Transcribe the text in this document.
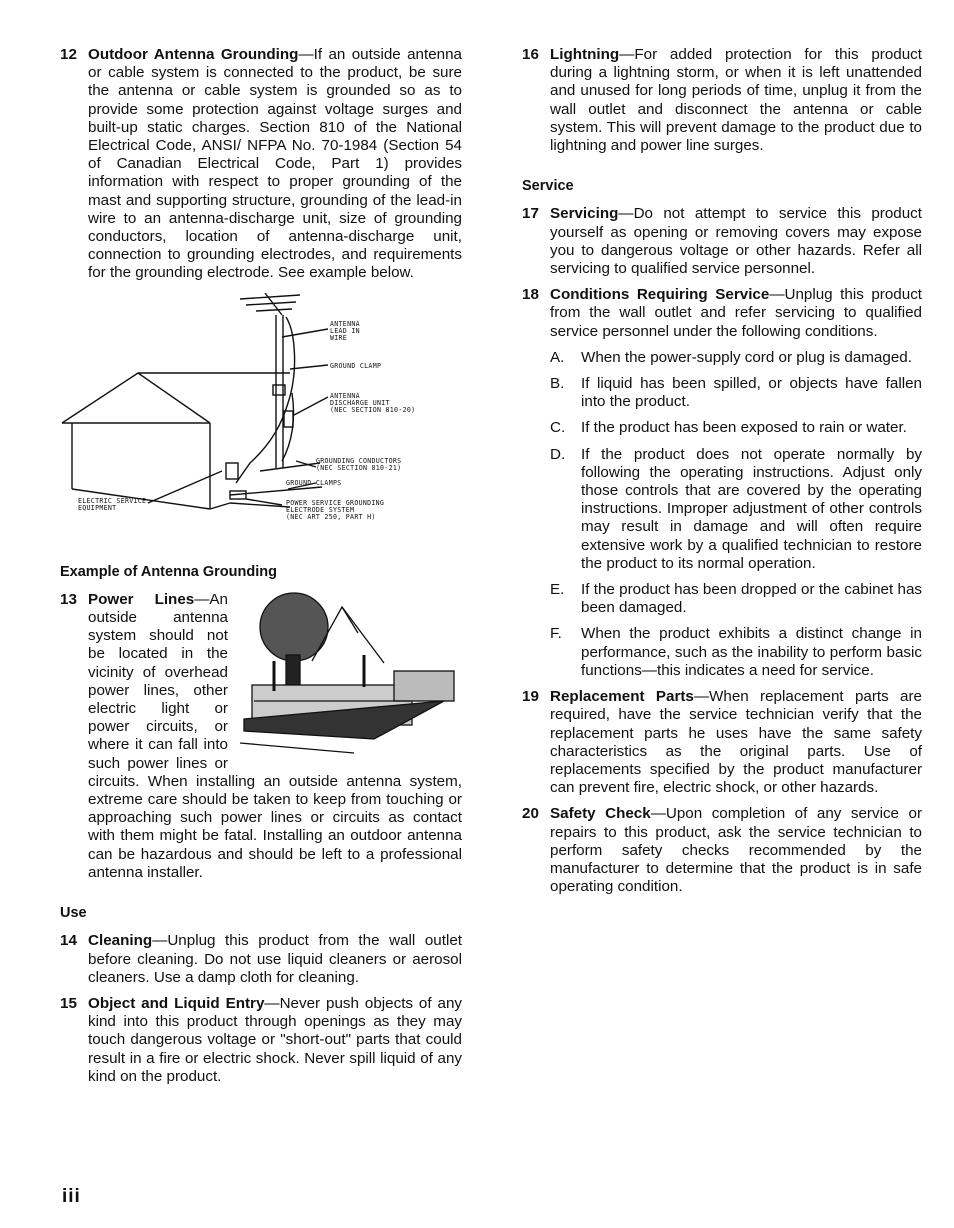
12 Outdoor Antenna Grounding—If an outside antenna or cable system is connected to the product, be sure the antenna or cable system is grounded so as to provide some protection against voltage surges and built-up static charges. Section 810 of the National Electrical Code, ANSI/ NFPA No. 70-1984 (Section 54 of Canadian Electrical Code, Part 1) provides information with respect to proper grounding of the mast and supporting structure, grounding of the lead-in wire to an antenna-discharge unit, size of grounding conductors, location of antenna-discharge unit, connection to grounding electrodes, and requirements for the grounding electrode. See example below.
ANTENNA
LEAD IN
WIRE
GROUND CLAMP
ANTENNA
DISCHARGE UNIT
(NEC SECTION 810-20)
GROUNDING CONDUCTORS
(NEC SECTION 810-21)
GROUND CLAMPS
ELECTRIC SERVICE
EQUIPMENT
POWER SERVICE GROUNDING
ELECTRODE SYSTEM
(NEC ART 250, PART H)
Example of Antenna Grounding
13 Power Lines—An outside antenna system should not be located in the vicinity of overhead power lines, other electric light or power circuits, or where it can fall into such power lines or circuits. When installing an outside antenna system, extreme care should be taken to keep from touching or approaching such power lines or circuits as contact with them might be fatal. Installing an outdoor antenna can be hazardous and should be left to a professional antenna installer.
Use
14 Cleaning—Unplug this product from the wall outlet before cleaning. Do not use liquid cleaners or aerosol cleaners. Use a damp cloth for cleaning.
15 Object and Liquid Entry—Never push objects of any kind into this product through openings as they may touch dangerous voltage or "short-out" parts that could result in a fire or electric shock. Never spill liquid of any kind on the product.
16 Lightning—For added protection for this product during a lightning storm, or when it is left unattended and unused for long periods of time, unplug it from the wall outlet and disconnect the antenna or cable system. This will prevent damage to the product due to lightning and power line surges.
Service
17 Servicing—Do not attempt to service this product yourself as opening or removing covers may expose you to dangerous voltage or other hazards. Refer all servicing to qualified service personnel.
18 Conditions Requiring Service—Unplug this product from the wall outlet and refer servicing to qualified service personnel under the following conditions.
A. When the power-supply cord or plug is damaged.
B. If liquid has been spilled, or objects have fallen into the product.
C. If the product has been exposed to rain or water.
D. If the product does not operate normally by following the operating instructions. Adjust only those controls that are covered by the operating instructions. Improper adjustment of other controls may result in damage and will often require extensive work by a qualified technician to restore the product to its normal operation.
E. If the product has been dropped or the cabinet has been damaged.
F. When the product exhibits a distinct change in performance, such as the inability to perform basic functions—this indicates a need for service.
19 Replacement Parts—When replacement parts are required, have the service technician verify that the replacement parts he uses have the same safety characteristics as the original parts. Use of replacements specified by the product manufacturer can prevent fire, electric shock, or other hazards.
20 Safety Check—Upon completion of any service or repairs to this product, ask the service technician to perform safety checks recommended by the manufacturer to determine that the product is in safe operating condition.
iii
